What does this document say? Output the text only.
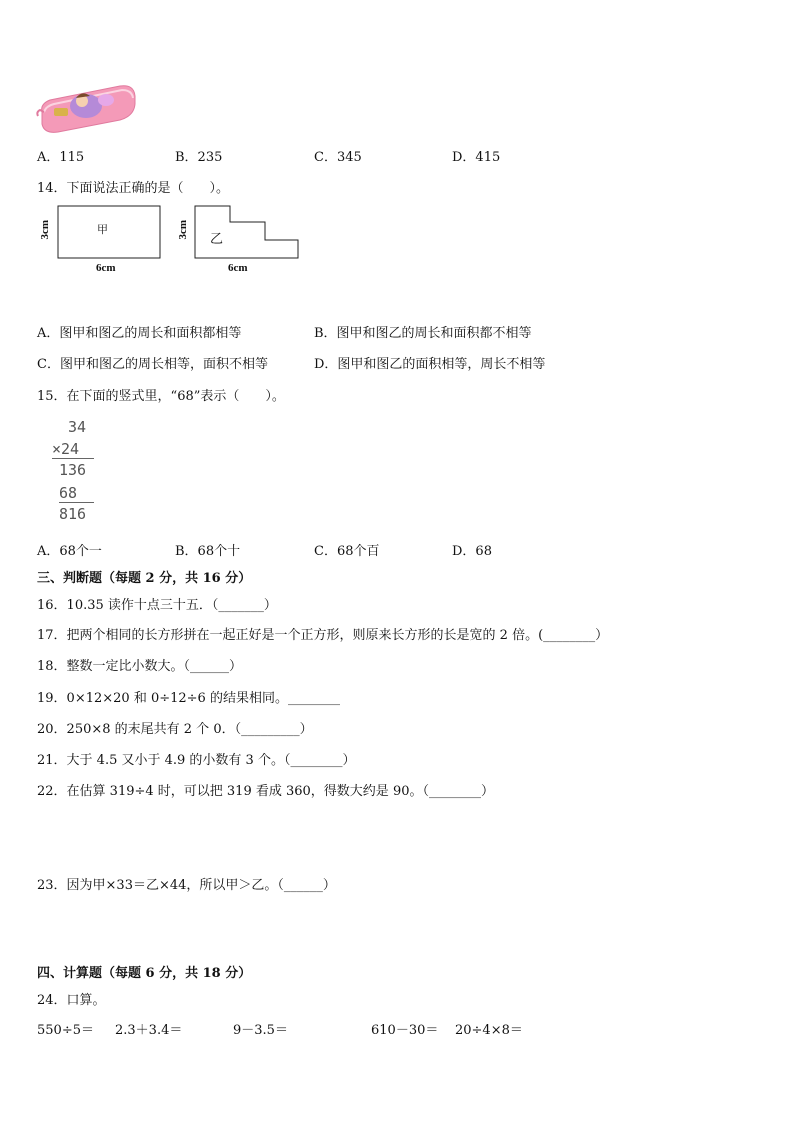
A．115	B．235	C．345	D．415
14．下面说法正确的是（　　）。
3cm	甲
6cm
3cm 乙
6cm
A．图甲和图乙的周长和面积都相等	B．图甲和图乙的周长和面积都不相等
C．图甲和图乙的周长相等，面积不相等	D．图甲和图乙的面积相等，周长不相等
15．在下面的竖式里，“68”表示（　　）。
34
×24
136
68
816
A．68个一	B．68个十	C．68个百	D．68
三、判断题（每题 2 分，共 16 分）
16．10.35 读作十点三十五．（_______）
17．把两个相同的长方形拼在一起正好是一个正方形，则原来长方形的长是宽的 2 倍。(________）
18．整数一定比小数大。（______）
19．0×12×20 和 0÷12÷6 的结果相同。________
20．250×8 的末尾共有 2 个 0．（_________）
21．大于 4.5 又小于 4.9 的小数有 3 个。（________）
22．在估算 319÷4 时，可以把 319 看成 360，得数大约是 90。（________）
23．因为甲×33＝乙×44，所以甲＞乙。（______）
四、计算题（每题 6 分，共 18 分）
24．口算。
550÷5＝ 2.3＋3.4＝	9－3.5＝	610－30＝ 20÷4×8＝
